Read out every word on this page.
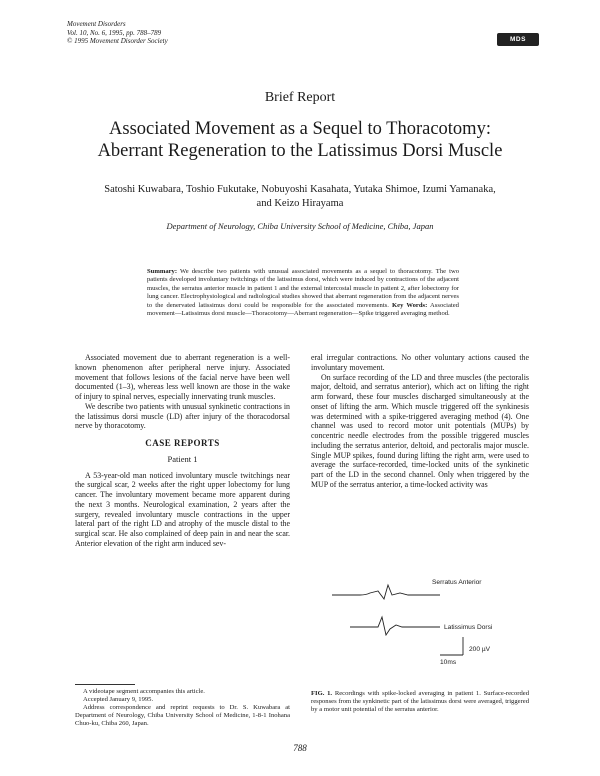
Movement Disorders
Vol. 10, No. 6, 1995, pp. 788–789
© 1995 Movement Disorder Society	MDS
Brief Report
Associated Movement as a Sequel to Thoracotomy:
Aberrant Regeneration to the Latissimus Dorsi Muscle
Satoshi Kuwabara, Toshio Fukutake, Nobuyoshi Kasahata, Yutaka Shimoe, Izumi Yamanaka,
and Keizo Hirayama
Department of Neurology, Chiba University School of Medicine, Chiba, Japan
Summary: We describe two patients with unusual associated movements as a sequel to thoracotomy. The two patients developed involuntary twitchings of the latissimus dorsi, which were induced by contractions of the adjacent muscles, the serratus anterior muscle in patient 1 and the external intercostal muscle in patient 2, after lobectomy for lung cancer. Electrophysiological and radiological studies showed that aberrant regeneration from the adjacent nerves to the denervated latissimus dorsi could be responsible for the associated movements. Key Words: Associated movement—Latissimus dorsi muscle—Thoracotomy—Aberrant regeneration—Spike triggered averaging method.

Associated movement due to aberrant regeneration is a well-known phenomenon after peripheral nerve injury. Associated movement that follows lesions of the facial nerve have been well documented (1–3), whereas less well known are those in the wake of injury to spinal nerves, especially innervating trunk muscles.

We describe two patients with unusual synkinetic contractions in the latissimus dorsi muscle (LD) after injury of the thoracodorsal nerve by thoracotomy.

CASE REPORTS
Patient 1

A 53-year-old man noticed involuntary muscle twitchings near the surgical scar, 2 weeks after the right upper lobectomy for lung cancer. The involuntary movement became more apparent during the next 3 months. Neurological examination, 2 years after the surgery, revealed involuntary muscle contractions in the upper lateral part of the right LD and atrophy of the muscle distal to the surgical scar. He also complained of deep pain in and near the scar. Anterior elevation of the right arm induced sev-

eral irregular contractions. No other voluntary actions caused the involuntary movement.

On surface recording of the LD and three muscles (the pectoralis major, deltoid, and serratus anterior), which act on lifting the right arm forward, these four muscles discharged simultaneously at the onset of lifting the arm. Which muscle triggered off the synkinesis was determined with a spike-triggered averaging method (4). One channel was used to record motor unit potentials (MUPs) by concentric needle electrodes from the possible triggered muscles including the serratus anterior, deltoid, and pectoralis major muscle. Single MUP spikes, found during lifting the right arm, were used to average the surface-recorded, time-locked units of the synkinetic part of the LD in the second channel. Only when triggered by the MUP of the serratus anterior, a time-locked activity was

Serratus Anterior
Latissimus Dorsi
200 µV
10ms
FIG. 1. Recordings with spike-locked averaging in patient 1. Surface-recorded responses from the synkinetic part of the latissimus dorsi were averaged, triggered by a motor unit potential of the serratus anterior.
A videotape segment accompanies this article.
Accepted January 9, 1995.
Address correspondence and reprint requests to Dr. S. Kuwabara at Department of Neurology, Chiba University School of Medicine, 1-8-1 Inohana Chuo-ku, Chiba 260, Japan.
788
